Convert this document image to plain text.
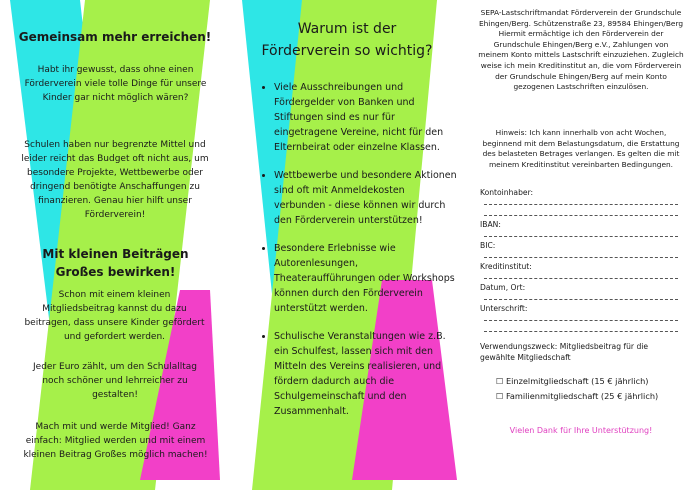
Gemeinsam mehr erreichen!
Habt ihr gewusst, dass ohne einen Förderverein viele tolle Dinge für unsere Kinder gar nicht möglich wären?
Schulen haben nur begrenzte Mittel und leider reicht das Budget oft nicht aus, um besondere Projekte, Wettbewerbe oder dringend benötigte Anschaffungen zu finanzieren. Genau hier hilft unser Förderverein!
Mit kleinen Beiträgen Großes bewirken!
Schon mit einem kleinen Mitgliedsbeitrag kannst du dazu beitragen, dass unsere Kinder gefördert und gefordert werden.
Jeder Euro zählt, um den Schulalltag noch schöner und lehrreicher zu gestalten!
Mach mit und werde Mitglied! Ganz einfach: Mitglied werden und mit einem kleinen Beitrag Großes möglich machen!
Warum ist der Förderverein so wichtig?
• Viele Ausschreibungen und Fördergelder von Banken und Stiftungen sind es nur für eingetragene Vereine, nicht für den Elternbeirat oder einzelne Klassen.
• Wettbewerbe und besondere Aktionen sind oft mit Anmeldekosten verbunden - diese können wir durch den Förderverein unterstützen!
• Besondere Erlebnisse wie Autorenlesungen, Theateraufführungen oder Workshops können durch den Förderverein unterstützt werden.
• Schulische Veranstaltungen wie z.B. ein Schulfest, lassen sich mit den Mitteln des Vereins realisieren, und fördern dadurch auch die Schulgemeinschaft und den Zusammenhalt.
SEPA-Lastschriftmandat Förderverein der Grundschule Ehingen/Berg. Schützenstraße 23, 89584 Ehingen/Berg Hiermit ermächtige ich den Förderverein der Grundschule Ehingen/Berg e.V., Zahlungen von meinem Konto mittels Lastschrift einzuziehen. Zugleich weise ich mein Kreditinstitut an, die vom Förderverein der Grundschule Ehingen/Berg auf mein Konto gezogenen Lastschriften einzulösen.
Hinweis: Ich kann innerhalb von acht Wochen, beginnend mit dem Belastungsdatum, die Erstattung des belasteten Betrages verlangen. Es gelten die mit meinem Kreditinstitut vereinbarten Bedingungen.
Kontoinhaber:
IBAN:
BIC:
Kreditinstitut:
Datum, Ort:
Unterschrift:
Verwendungszweck: Mitgliedsbeitrag für die gewählte Mitgliedschaft
☐ Einzelmitgliedschaft (15 € jährlich)
☐ Familienmitgliedschaft (25 € jährlich)
Vielen Dank für Ihre Unterstützung!
